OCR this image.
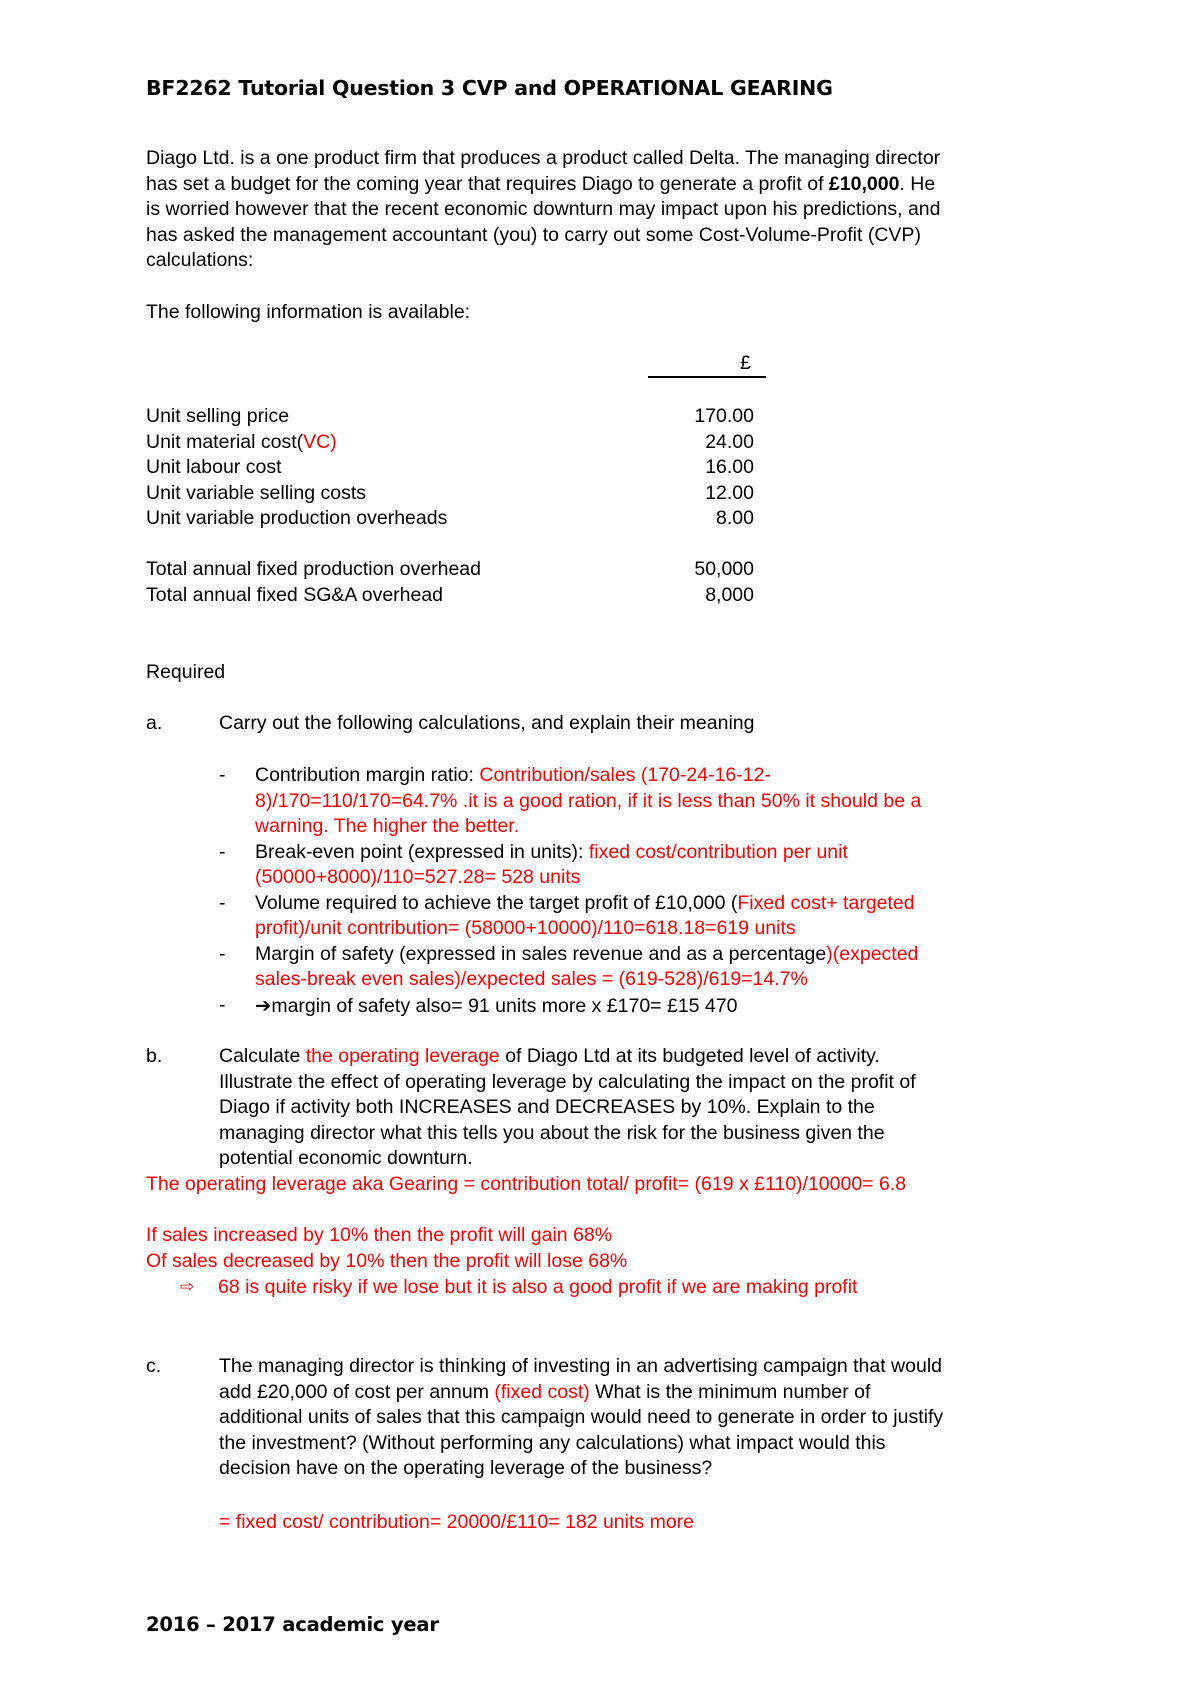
BF2262 Tutorial Question 3 CVP and OPERATIONAL GEARING
Diago Ltd. is a one product firm that produces a product called Delta. The managing director
has set a budget for the coming year that requires Diago to generate a profit of £10,000. He
is worried however that the recent economic downturn may impact upon his predictions, and
has asked the management accountant (you) to carry out some Cost-Volume-Profit (CVP)
calculations:
The following information is available:
£
Unit selling price	170.00
Unit material cost(VC)	24.00
Unit labour cost	16.00
Unit variable selling costs	12.00
Unit variable production overheads	8.00
Total annual fixed production overhead	50,000
Total annual fixed SG&A overhead	8,000
Required
a.	Carry out the following calculations, and explain their meaning
-	Contribution margin ratio: Contribution/sales (170-24-16-12-
8)/170=110/170=64.7% .it is a good ration, if it is less than 50% it should be a
warning. The higher the better.
-	Break-even point (expressed in units): fixed cost/contribution per unit
(50000+8000)/110=527.28= 528 units
-	Volume required to achieve the target profit of £10,000 (Fixed cost+ targeted
profit)/unit contribution= (58000+10000)/110=618.18=619 units
-	Margin of safety (expressed in sales revenue and as a percentage)(expected
sales-break even sales)/expected sales = (619-528)/619=14.7%
-	➔margin of safety also= 91 units more x £170= £15 470
b.	Calculate the operating leverage of Diago Ltd at its budgeted level of activity.
Illustrate the effect of operating leverage by calculating the impact on the profit of
Diago if activity both INCREASES and DECREASES by 10%. Explain to the
managing director what this tells you about the risk for the business given the
potential economic downturn.
The operating leverage aka Gearing = contribution total/ profit= (619 x £110)/10000= 6.8
If sales increased by 10% then the profit will gain 68%
Of sales decreased by 10% then the profit will lose 68%
⇨	68 is quite risky if we lose but it is also a good profit if we are making profit
c.	The managing director is thinking of investing in an advertising campaign that would
add £20,000 of cost per annum (fixed cost) What is the minimum number of
additional units of sales that this campaign would need to generate in order to justify
the investment? (Without performing any calculations) what impact would this
decision have on the operating leverage of the business?
= fixed cost/ contribution= 20000/£110= 182 units more
2016 – 2017 academic year
